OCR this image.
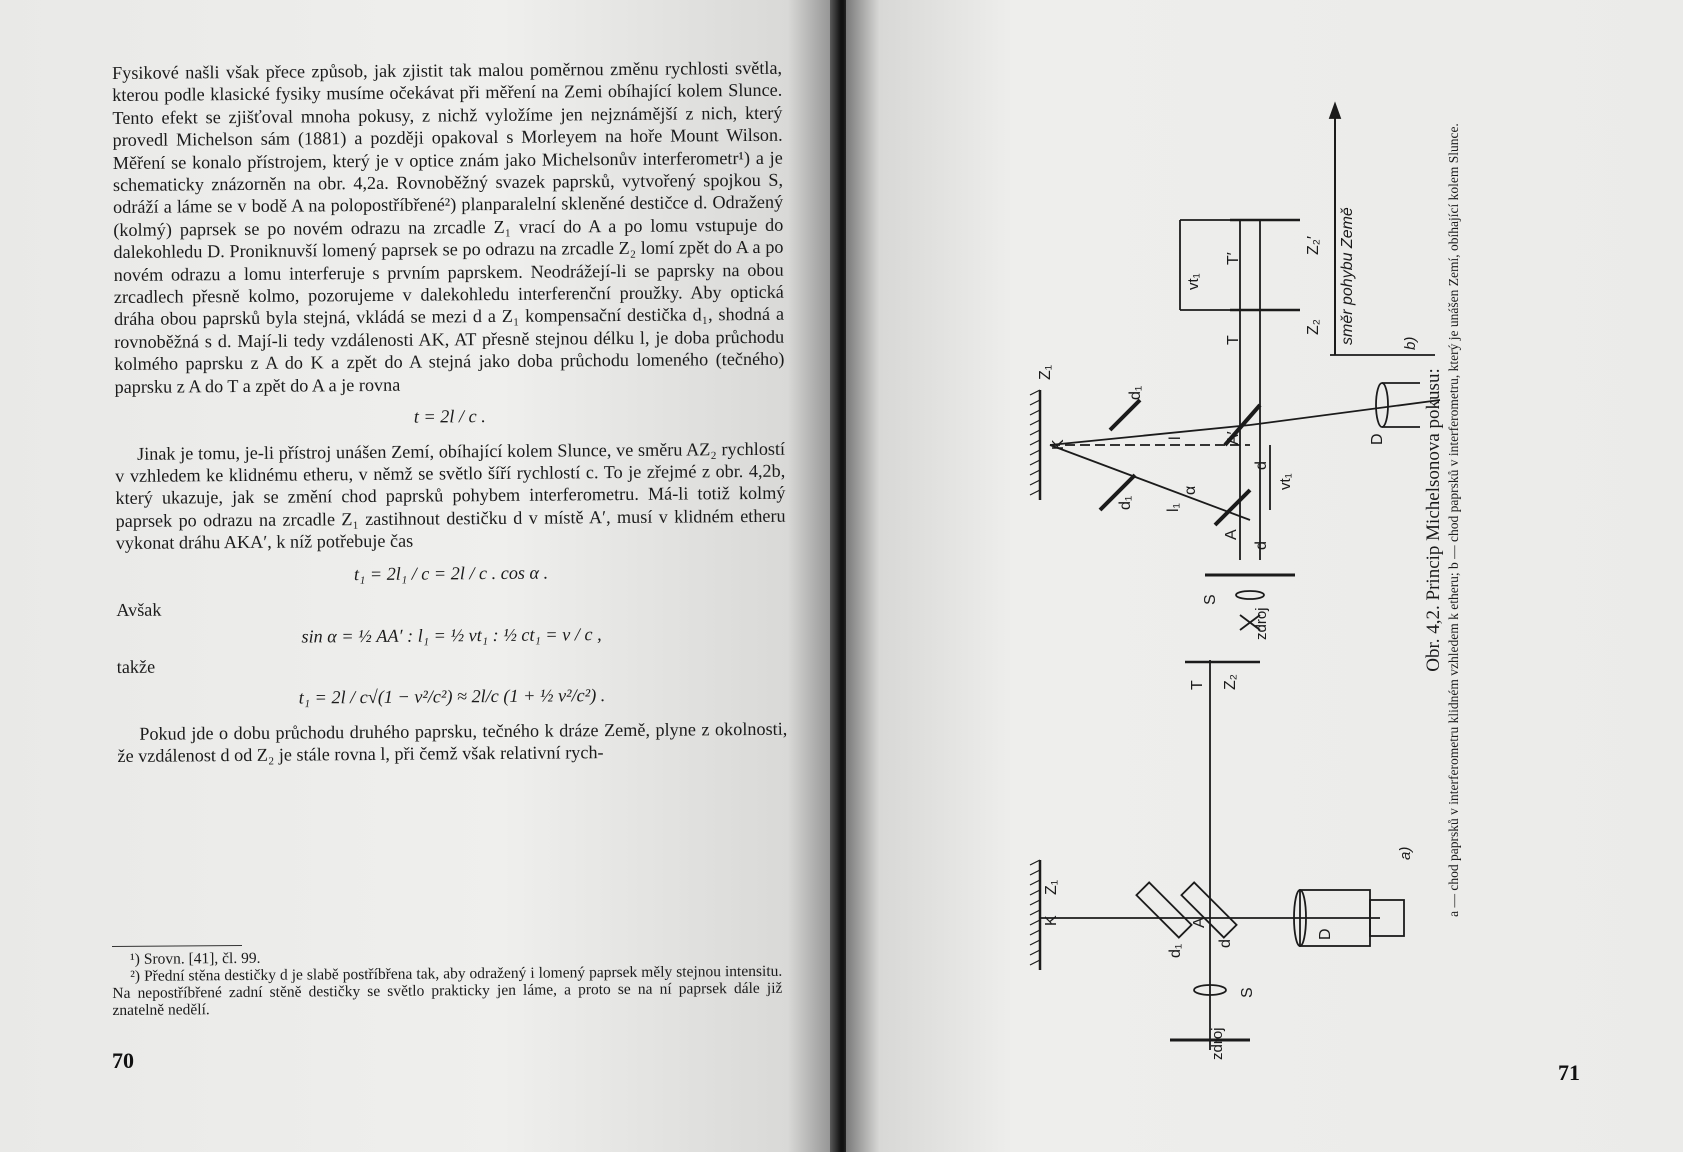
Fysikové našli však přece způsob, jak zjistit tak malou poměrnou změnu rychlosti světla, kterou podle klasické fysiky musíme očekávat při měření na Zemi obíhající kolem Slunce. Tento efekt se zjišťoval mnoha pokusy, z nichž vyložíme jen nejznámější z nich, který provedl Michelson sám (1881) a později opakoval s Morleyem na hoře Mount Wilson. Měření se konalo přístrojem, který je v optice znám jako Michelsonův interferometr¹) a je schematicky znázorněn na obr. 4,2a. Rovnoběžný svazek paprsků, vytvořený spojkou S, odráží a láme se v bodě A na polopostříbřené²) planparalelní skleněné destičce d. Odražený (kolmý) paprsek se po novém odrazu na zrcadle Z₁ vrací do A a po lomu vstupuje do dalekohledu D. Proniknuvší lomený paprsek se po odrazu na zrcadle Z₂ lomí zpět do A a po novém odrazu a lomu interferuje s prvním paprskem. Neodrážejí-li se paprsky na obou zrcadlech přesně kolmo, pozorujeme v dalekohledu interferenční proužky. Aby optická dráha obou paprsků byla stejná, vkládá se mezi d a Z₁ kompensační destička d₁, shodná a rovnoběžná s d. Mají-li tedy vzdálenosti AK, AT přesně stejnou délku l, je doba průchodu kolmého paprsku z A do K a zpět do A stejná jako doba průchodu lomeného (tečného) paprsku z A do T a zpět do A a je rovna

t = 2l / c .

Jinak je tomu, je-li přístroj unášen Zemí, obíhající kolem Slunce, ve směru AZ₂ rychlostí v vzhledem ke klidnému etheru, v němž se světlo šíří rychlostí c. To je zřejmé z obr. 4,2b, který ukazuje, jak se změní chod paprsků pohybem interferometru. Má-li totiž kolmý paprsek po odrazu na zrcadle Z₁ zastihnout destičku d v místě A′, musí v klidném etheru vykonat dráhu AKA′, k níž potřebuje čas

t₁ = 2l₁ / c = 2l / c . cos α .
Avšak
sin α = ½ AA′ : l₁ = ½ vt₁ : ½ ct₁ = v / c ,
takže
t₁ = 2l / c√(1 − v²/c²) ≈ 2l/c (1 + ½ v²/c²) .

Pokud jde o dobu průchodu druhého paprsku, tečného k dráze Země, plyne z okolnosti, že vzdálenost d od Z₂ je stále rovna l, při čemž však relativní rych-

¹) Srovn. [41], čl. 99.

²) Přední stěna destičky d je slabě postříbřena tak, aby odražený i lomený paprsek měly stejnou intensitu. Na nepostříbřené zadní stěně destičky se světlo prakticky jen láme, a proto se na ní paprsek dále již znatelně nedělí.

70
zdroj
S
A
A′
d
d
d₁
d₁
K
Z₁
T
T′
Z₂
Z₂′
D
l
l₁
α
vt₁
vt₁
směr pohybu Země	b)
zdroj
S
A
d
d₁
K
Z₁
T Z₂
D
a)
Obr. 4,2. Princip Michelsonova pokusu: a — chod paprsků v interferometru klidném vzhledem k etheru; b — chod paprsků v interferometru, který je unášen Zemí, obíhající kolem Slunce.
71
